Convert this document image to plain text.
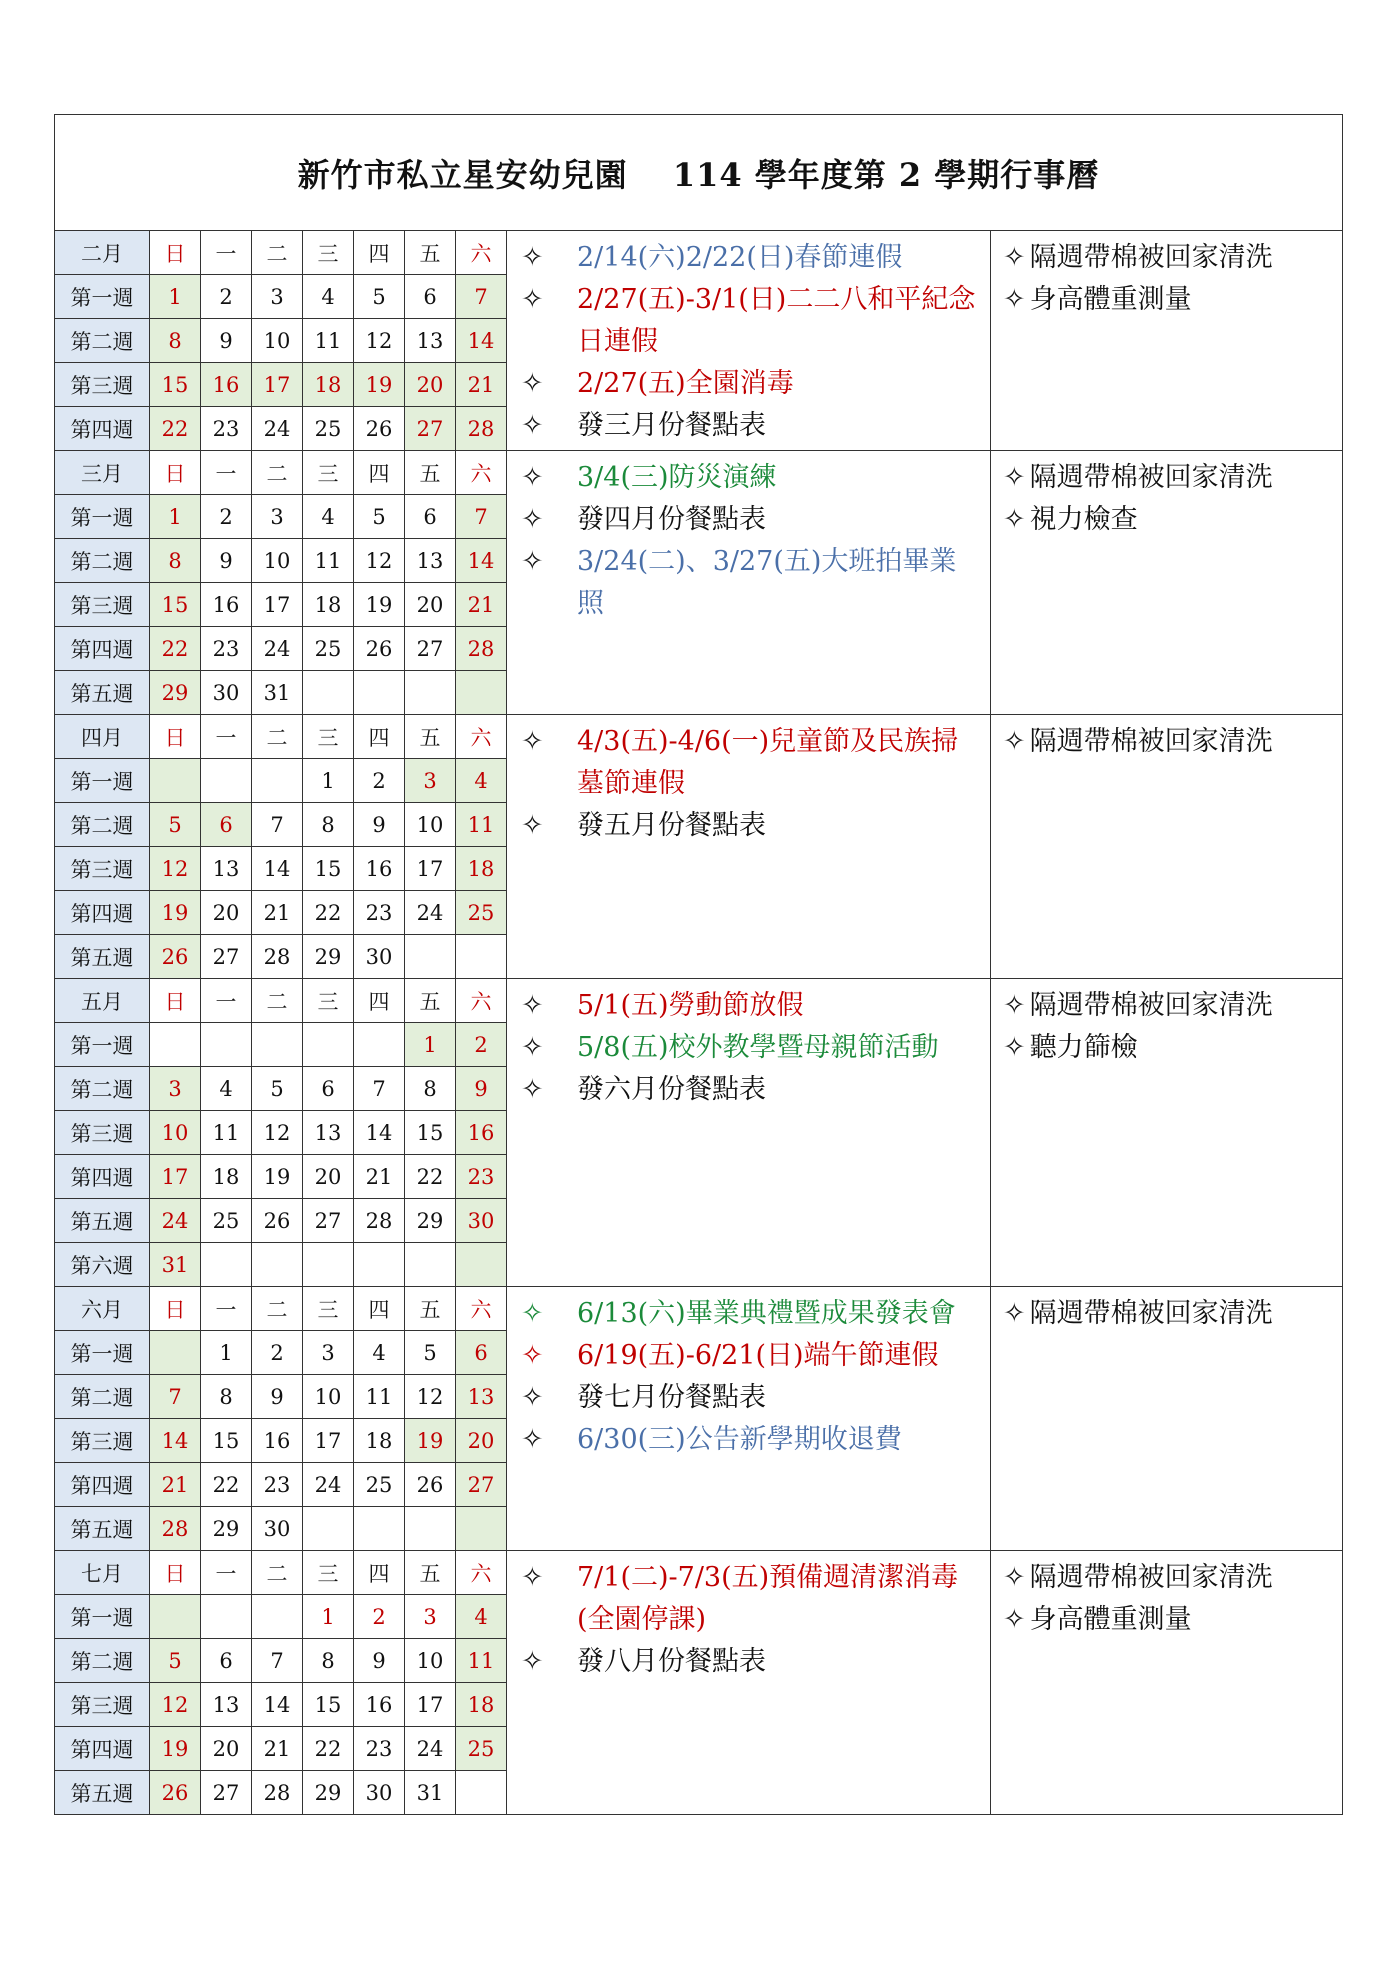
新竹市私立星安幼兒園　 114 學年度第 2 學期行事曆
二月	日	一	二	三	四	五	六
第一週	1	2	3	4	5	6	7
第二週	8	9	10	11	12	13	14
第三週	15	16	17	18	19	20	21
第四週	22	23	24	25	26	27	28
✧	2/14(六)2/22(日)春節連假
✧	2/27(五)-3/1(日)二二八和平紀念日連假
✧	2/27(五)全園消毒
✧	發三月份餐點表
✧ 隔週帶棉被回家清洗
✧ 身高體重測量
三月	日	一	二	三	四	五	六
第一週	1	2	3	4	5	6	7
第二週	8	9	10	11	12	13	14
第三週	15	16	17	18	19	20	21
第四週	22	23	24	25	26	27	28
第五週	29	30	31				
✧	3/4(三)防災演練
✧	發四月份餐點表
✧	3/24(二)、3/27(五)大班拍畢業照
✧ 隔週帶棉被回家清洗
✧ 視力檢查
四月	日	一	二	三	四	五	六
第一週				1	2	3	4
第二週	5	6	7	8	9	10	11
第三週	12	13	14	15	16	17	18
第四週	19	20	21	22	23	24	25
第五週	26	27	28	29	30		
✧	4/3(五)-4/6(一)兒童節及民族掃墓節連假
✧	發五月份餐點表
✧ 隔週帶棉被回家清洗
五月	日	一	二	三	四	五	六
第一週						1	2
第二週	3	4	5	6	7	8	9
第三週	10	11	12	13	14	15	16
第四週	17	18	19	20	21	22	23
第五週	24	25	26	27	28	29	30
第六週	31						
✧	5/1(五)勞動節放假
✧	5/8(五)校外教學暨母親節活動
✧	發六月份餐點表
✧ 隔週帶棉被回家清洗
✧ 聽力篩檢
六月	日	一	二	三	四	五	六
第一週		1	2	3	4	5	6
第二週	7	8	9	10	11	12	13
第三週	14	15	16	17	18	19	20
第四週	21	22	23	24	25	26	27
第五週	28	29	30				
✧	6/13(六)畢業典禮暨成果發表會
✧	6/19(五)-6/21(日)端午節連假
✧	發七月份餐點表
✧	6/30(三)公告新學期收退費
✧ 隔週帶棉被回家清洗
七月	日	一	二	三	四	五	六
第一週				1	2	3	4
第二週	5	6	7	8	9	10	11
第三週	12	13	14	15	16	17	18
第四週	19	20	21	22	23	24	25
第五週	26	27	28	29	30	31	
✧	7/1(二)-7/3(五)預備週清潔消毒(全園停課)
✧	發八月份餐點表
✧ 隔週帶棉被回家清洗
✧ 身高體重測量
